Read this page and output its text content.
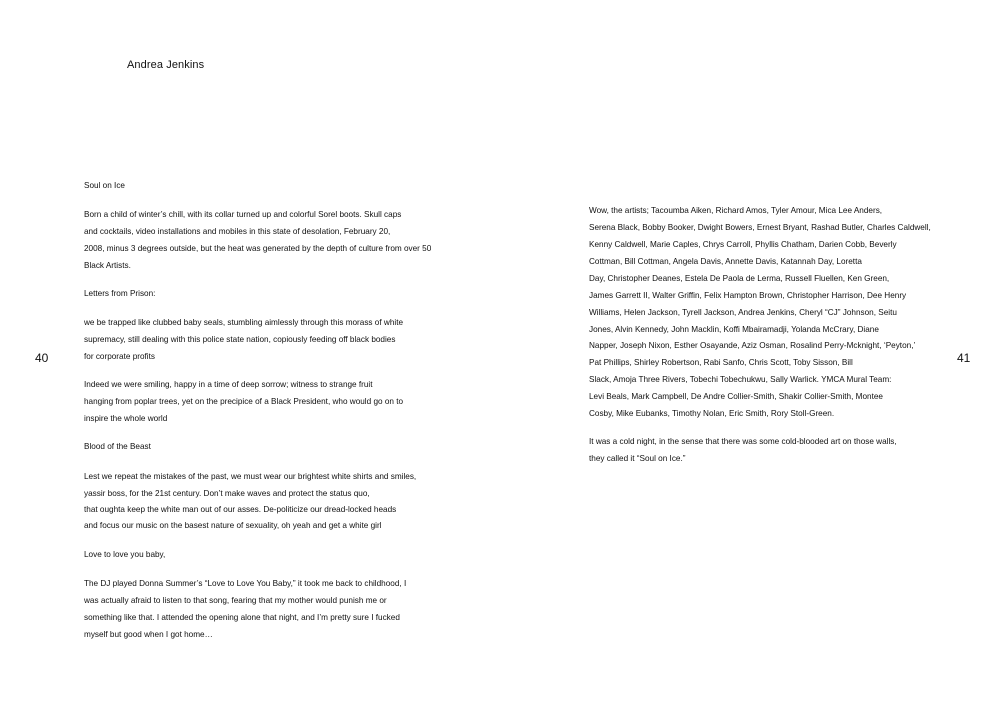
Andrea Jenkins
40	41
Soul on Ice
Born a child of winter’s chill, with its collar turned up and colorful Sorel boots. Skull caps
and cocktails, video installations and mobiles in this state of desolation, February 20,
2008, minus 3 degrees outside, but the heat was generated by the depth of culture from over 50
Black Artists.
Letters from Prison:
we be trapped like clubbed baby seals, stumbling aimlessly through this morass of white
supremacy, still dealing with this police state nation, copiously feeding off black bodies
for corporate profits
Indeed we were smiling, happy in a time of deep sorrow; witness to strange fruit
hanging from poplar trees, yet on the precipice of a Black President, who would go on to
inspire the whole world
Blood of the Beast
Lest we repeat the mistakes of the past, we must wear our brightest white shirts and smiles,
yassir boss, for the 21st century. Don’t make waves and protect the status quo,
that oughta keep the white man out of our asses. De-politicize our dread-locked heads
and focus our music on the basest nature of sexuality, oh yeah and get a white girl
Love to love you baby,
The DJ played Donna Summer’s “Love to Love You Baby,” it took me back to childhood, I
was actually afraid to listen to that song, fearing that my mother would punish me or
something like that. I attended the opening alone that night, and I’m pretty sure I fucked
myself but good when I got home…
Wow, the artists; Tacoumba Aiken, Richard Amos, Tyler Amour, Mica Lee Anders,
Serena Black, Bobby Booker, Dwight Bowers, Ernest Bryant, Rashad Butler, Charles Caldwell,
Kenny Caldwell, Marie Caples, Chrys Carroll, Phyllis Chatham, Darien Cobb, Beverly
Cottman, Bill Cottman, Angela Davis, Annette Davis, Katannah Day, Loretta
Day, Christopher Deanes, Estela De Paola de Lerma, Russell Fluellen, Ken Green,
James Garrett II, Walter Griffin, Felix Hampton Brown, Christopher Harrison, Dee Henry
Williams, Helen Jackson, Tyrell Jackson, Andrea Jenkins, Cheryl “CJ” Johnson, Seitu
Jones, Alvin Kennedy, John Macklin, Koffi Mbairamadji, Yolanda McCrary, Diane
Napper, Joseph Nixon, Esther Osayande, Aziz Osman, Rosalind Perry-Mcknight, ‘Peyton,’
Pat Phillips, Shirley Robertson, Rabi Sanfo, Chris Scott, Toby Sisson, Bill
Slack, Amoja Three Rivers, Tobechi Tobechukwu, Sally Warlick. YMCA Mural Team:
Levi Beals, Mark Campbell, De Andre Collier-Smith, Shakir Collier-Smith, Montee
Cosby, Mike Eubanks, Timothy Nolan, Eric Smith, Rory Stoll-Green.
It was a cold night, in the sense that there was some cold-blooded art on those walls,
they called it “Soul on Ice.”
